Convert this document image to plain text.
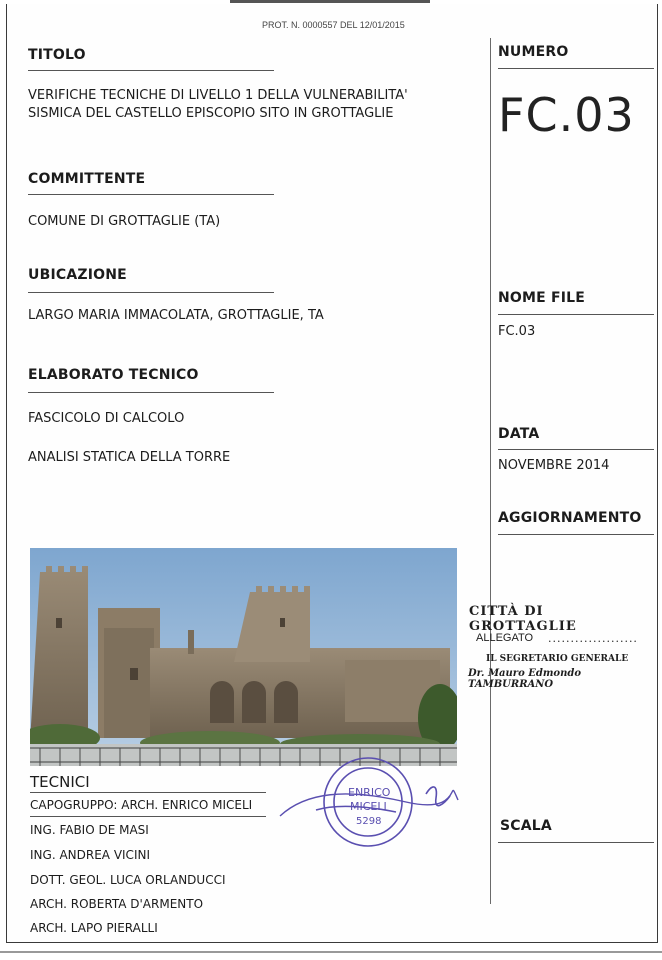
PROT. N. 0000557 DEL 12/01/2015
TITOLO
VERIFICHE TECNICHE DI LIVELLO 1 DELLA VULNERABILITA'
SISMICA DEL CASTELLO EPISCOPIO SITO IN GROTTAGLIE
COMMITTENTE
COMUNE DI GROTTAGLIE (TA)
UBICAZIONE
LARGO MARIA IMMACOLATA, GROTTAGLIE, TA
ELABORATO TECNICO
FASCICOLO DI CALCOLO
ANALISI STATICA DELLA TORRE
NUMERO
FC.03
NOME FILE
FC.03
DATA
NOVEMBRE 2014
AGGIORNAMENTO
SCALA
CITTÀ DI GROTTAGLIE
ALLEGATO ....................
IL SEGRETARIO GENERALE
Dr. Mauro Edmondo TAMBURRANO
TECNICI
CAPOGRUPPO: ARCH. ENRICO MICELI
ING. FABIO DE MASI
ING. ANDREA VICINI
DOTT. GEOL. LUCA ORLANDUCCI
ARCH. ROBERTA D'ARMENTO
ARCH. LAPO PIERALLI
ENRICO
MICELI
5298
